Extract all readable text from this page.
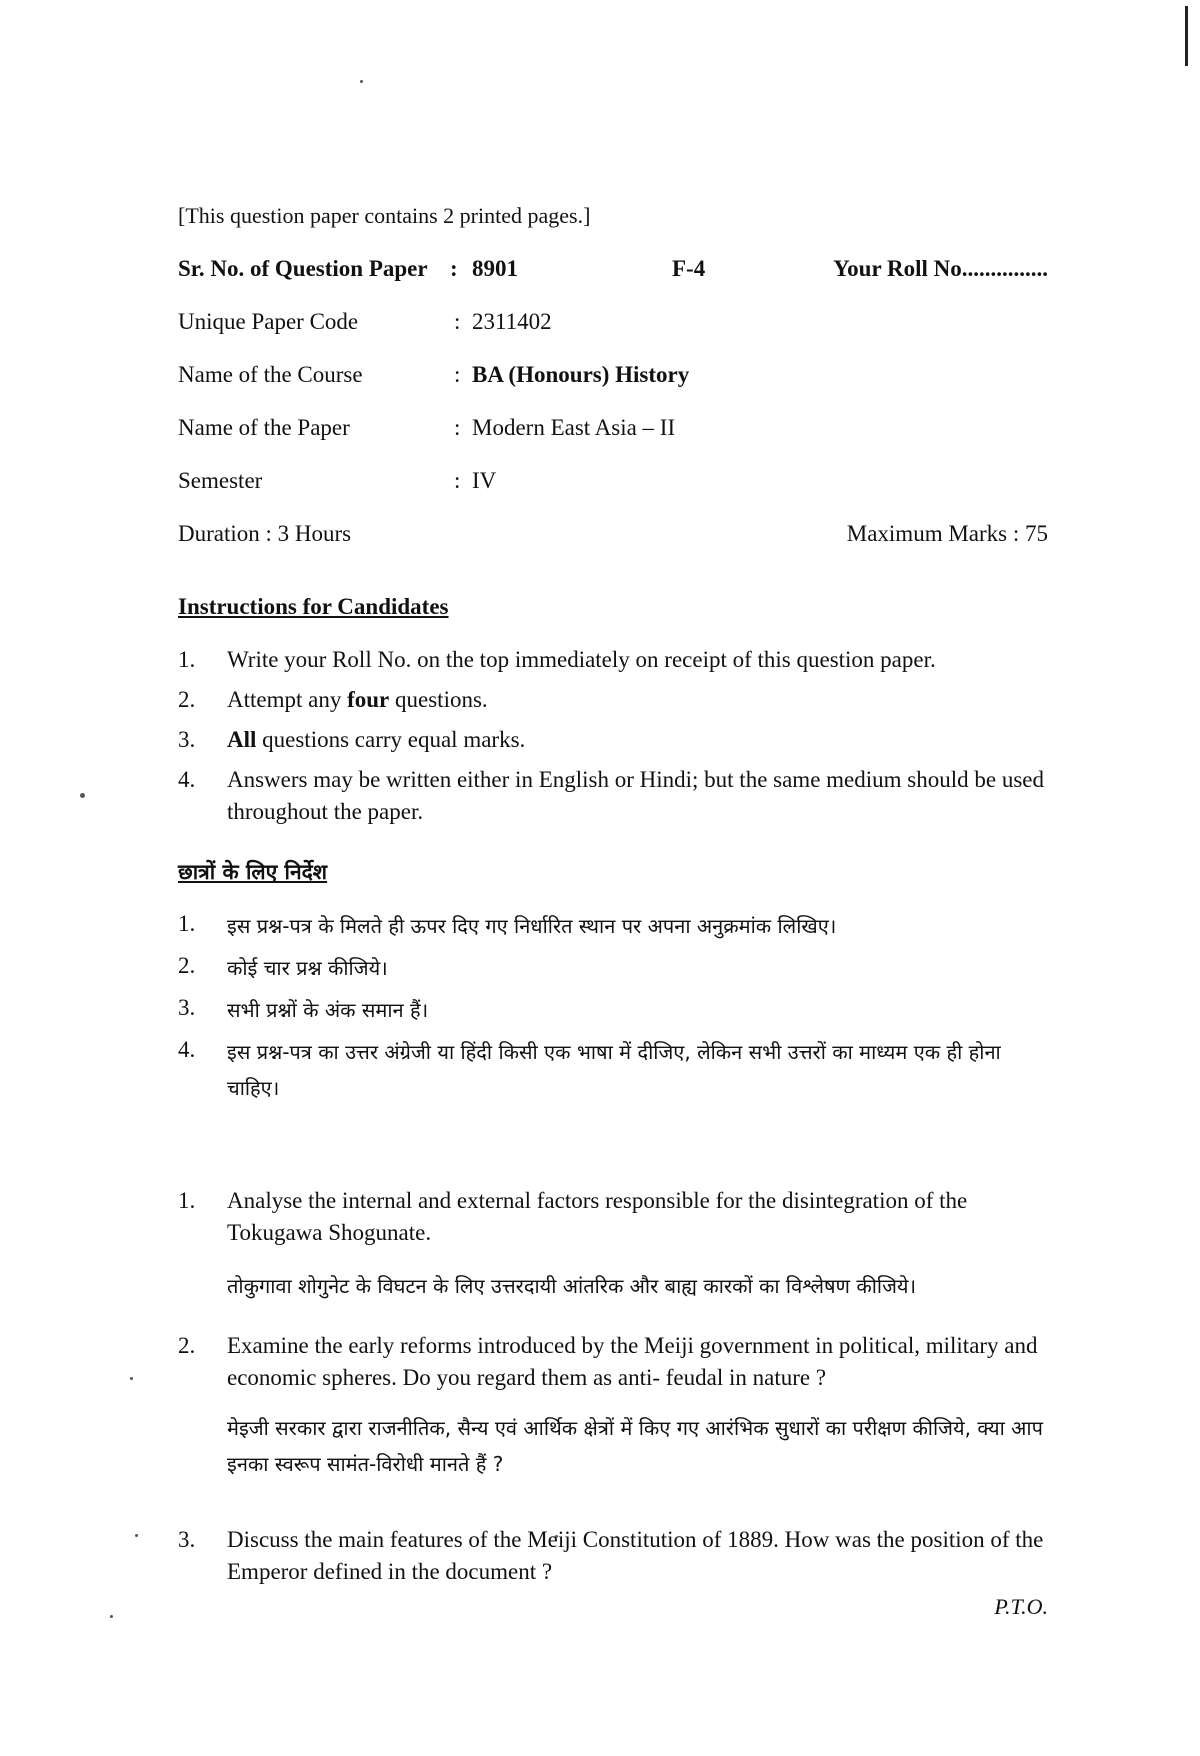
[This question paper contains 2 printed pages.]
Sr. No. of Question Paper : 8901	F-4	Your Roll No...............
Unique Paper Code	: 2311402
Name of the Course	: BA (Honours) History
Name of the Paper	: Modern East Asia – II
Semester	: IV
Duration : 3 Hours	Maximum Marks : 75
Instructions for Candidates
1. Write your Roll No. on the top immediately on receipt of this question paper.
2. Attempt any four questions.
3. All questions carry equal marks.
4. Answers may be written either in English or Hindi; but the same medium should be used throughout the paper.
छात्रों के लिए निर्देश
1. इस प्रश्न-पत्र के मिलते ही ऊपर दिए गए निर्धारित स्थान पर अपना अनुक्रमांक लिखिए।
2. कोई चार प्रश्न कीजिये।
3. सभी प्रश्नों के अंक समान हैं।
4. इस प्रश्न-पत्र का उत्तर अंग्रेजी या हिंदी किसी एक भाषा में दीजिए, लेकिन सभी उत्तरों का माध्यम एक ही होना चाहिए।
1. Analyse the internal and external factors responsible for the disintegration of the Tokugawa Shogunate.
तोकुगावा शोगुनेट के विघटन के लिए उत्तरदायी आंतरिक और बाह्य कारकों का विश्लेषण कीजिये।
2. Examine the early reforms introduced by the Meiji government in political, military and economic spheres. Do you regard them as anti- feudal in nature ?
मेइजी सरकार द्वारा राजनीतिक, सैन्य एवं आर्थिक क्षेत्रों में किए गए आरंभिक सुधारों का परीक्षण कीजिये, क्या आप इनका स्वरूप सामंत-विरोधी मानते हैं ?
3. Discuss the main features of the Meiji Constitution of 1889. How was the position of the Emperor defined in the document ?
P.T.O.
